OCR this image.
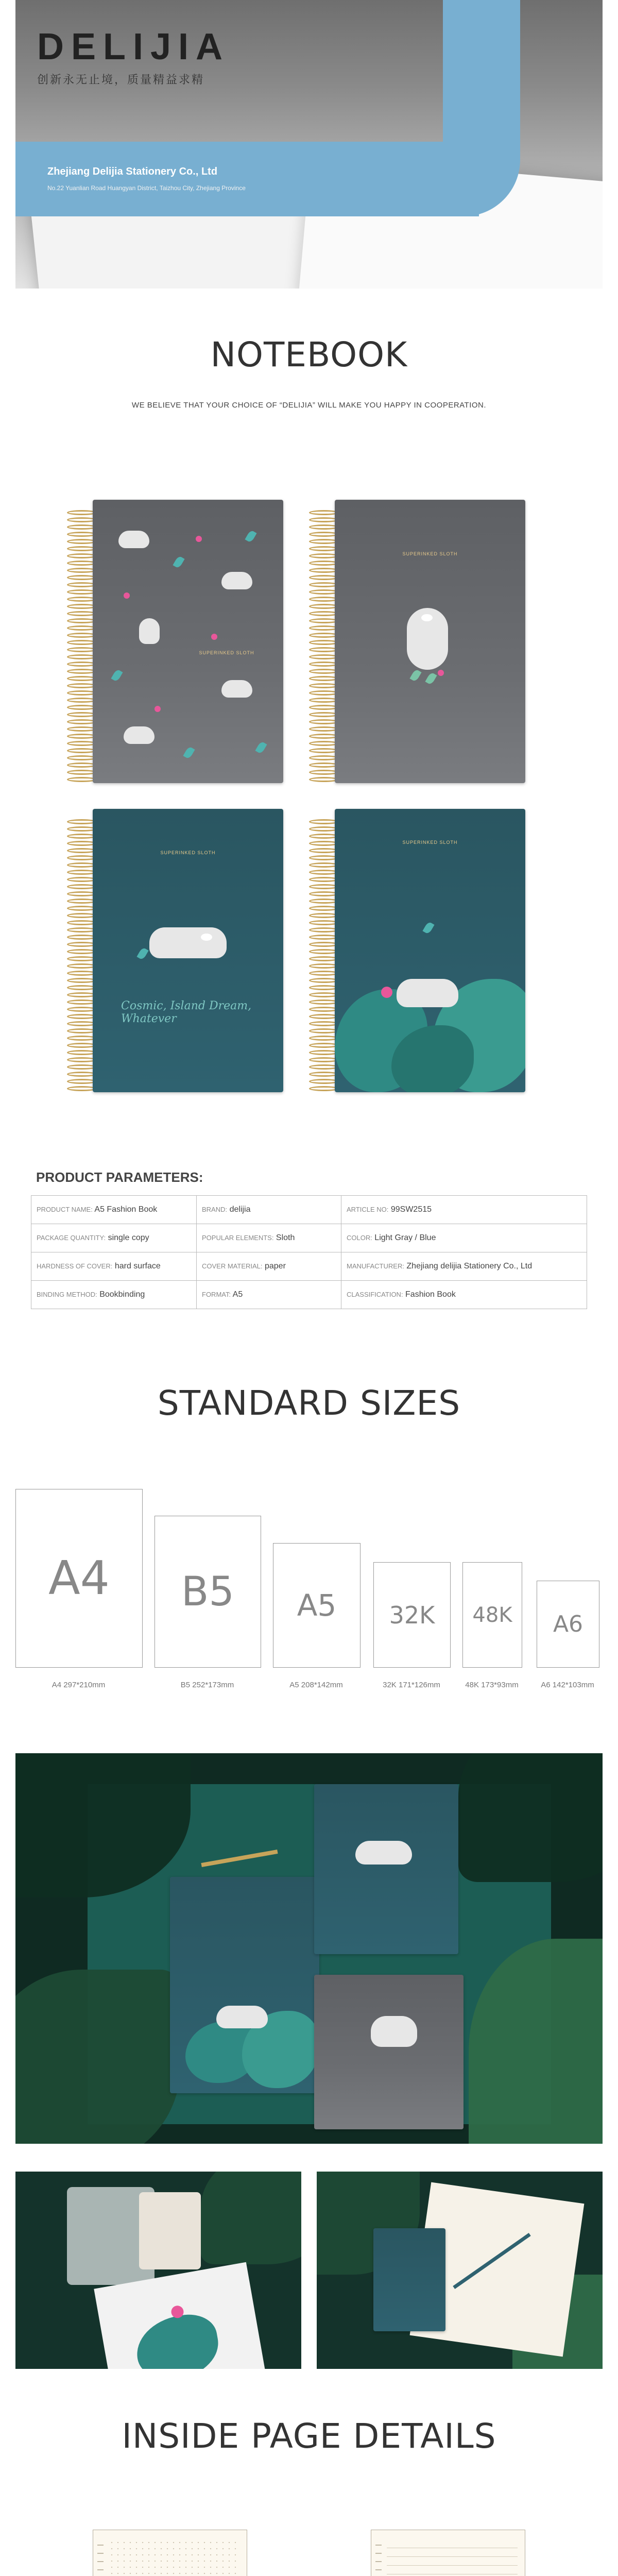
DELIJIA
创新永无止境，质量精益求精
Zhejiang Delijia Stationery Co., Ltd
No.22 Yuanlian Road Huangyan District, Taizhou City, Zhejiang Province
NOTEBOOK
WE BELIEVE THAT YOUR CHOICE OF “DELIJIA” WILL MAKE YOU HAPPY IN COOPERATION.
SUPERINKED SLOTH
SUPERINKED SLOTH
SUPERINKED SLOTH
Cosmic, Island Dream, Whatever
SUPERINKED SLOTH
PRODUCT PARAMETERS:
PRODUCT NAME: A5 Fashion Book	BRAND: delijia	ARTICLE NO: 99SW2515
PACKAGE QUANTITY: single copy	POPULAR ELEMENTS: Sloth	COLOR: Light Gray / Blue
HARDNESS OF COVER: hard surface	COVER MATERIAL: paper	MANUFACTURER: Zhejiang delijia Stationery Co., Ltd
BINDING METHOD: Bookbinding	FORMAT: A5	CLASSIFICATION: Fashion Book
STANDARD SIZES
A4
A4 297*210mm
B5
B5 252*173mm
A5
A5 208*142mm
32K
32K 171*126mm
48K
48K 173*93mm
A6
A6 142*103mm
INSIDE PAGE DETAILS
